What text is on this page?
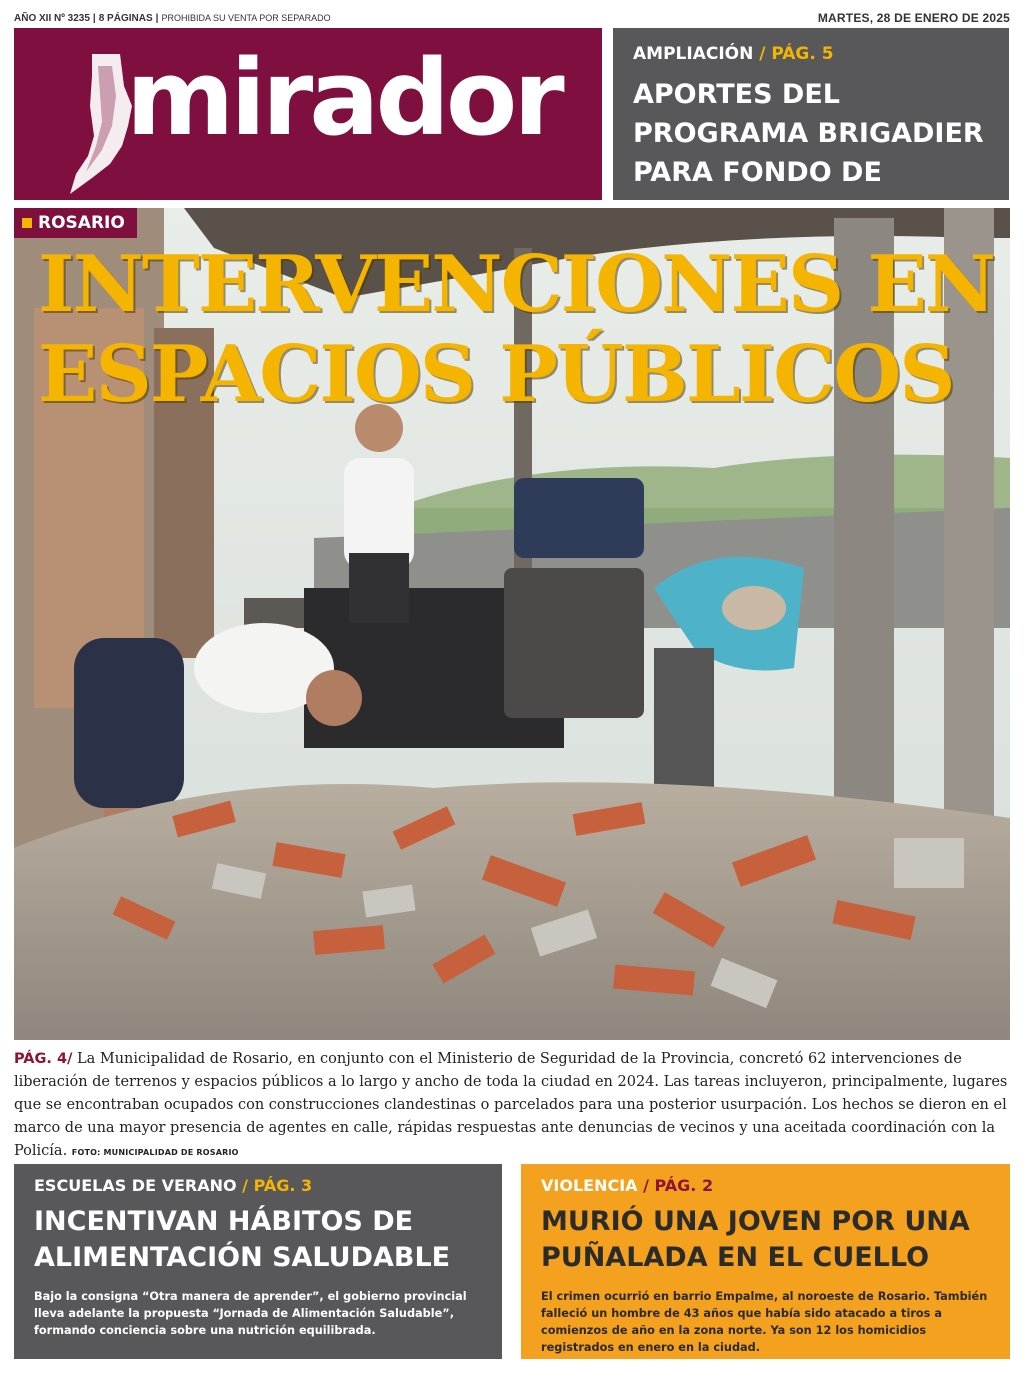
AÑO XII Nº 3235 | 8 PÁGINAS | PROHIBIDA SU VENTA POR SEPARADO	MARTES, 28 DE ENERO DE 2025
mirador	AMPLIACIÓN / PÁG. 5
APORTES DEL PROGRAMA BRIGADIER PARA FONDO DE
ROSARIO
INTERVENCIONES EN
ESPACIOS PÚBLICOS
PÁG. 4/ La Municipalidad de Rosario, en conjunto con el Ministerio de Seguridad de la Provincia, concretó 62 intervenciones de liberación de terrenos y espacios públicos a lo largo y ancho de toda la ciudad en 2024. Las tareas incluyeron, principalmente, lugares que se encontraban ocupados con construcciones clandestinas o parcelados para una posterior usurpación. Los hechos se dieron en el marco de una mayor presencia de agentes en calle, rápidas respuestas ante denuncias de vecinos y una aceitada coordinación con la Policía. FOTO: MUNICIPALIDAD DE ROSARIO
ESCUELAS DE VERANO / PÁG. 3
INCENTIVAN HÁBITOS DE ALIMENTACIÓN SALUDABLE
Bajo la consigna “Otra manera de aprender”, el gobierno provincial lleva adelante la propuesta “Jornada de Alimentación Saludable”, formando conciencia sobre una nutrición equilibrada.
VIOLENCIA / PÁG. 2
MURIÓ UNA JOVEN POR UNA PUÑALADA EN EL CUELLO
El crimen ocurrió en barrio Empalme, al noroeste de Rosario. También falleció un hombre de 43 años que había sido atacado a tiros a comienzos de año en la zona norte. Ya son 12 los homicidios registrados en enero en la ciudad.
